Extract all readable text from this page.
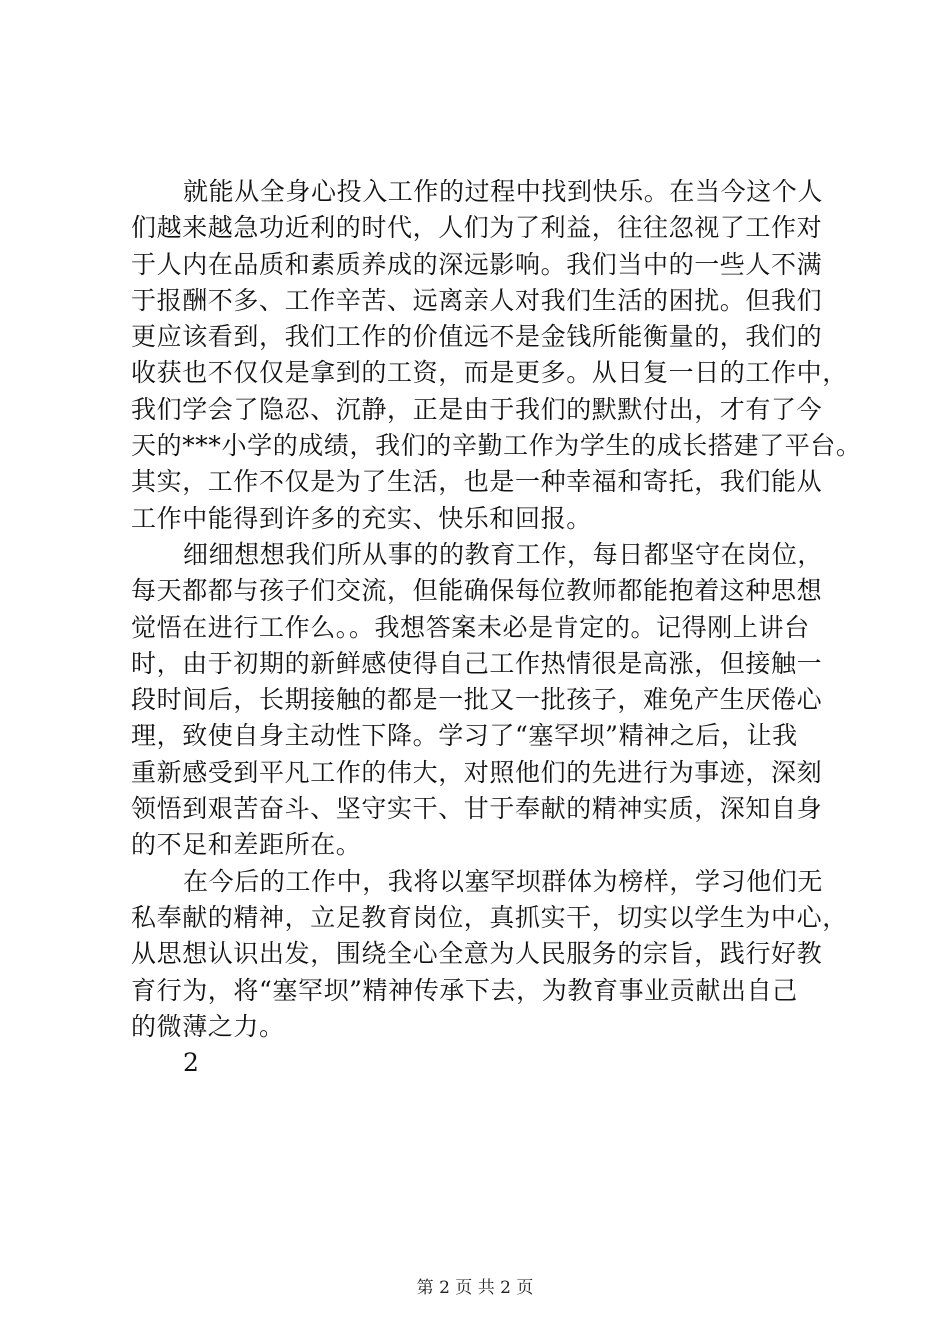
就能从全身心投入工作的过程中找到快乐。在当今这个人
们越来越急功近利的时代，人们为了利益，往往忽视了工作对
于人内在品质和素质养成的深远影响。我们当中的一些人不满
于报酬不多、工作辛苦、远离亲人对我们生活的困扰。但我们
更应该看到，我们工作的价值远不是金钱所能衡量的，我们的
收获也不仅仅是拿到的工资，而是更多。从日复一日的工作中，
我们学会了隐忍、沉静，正是由于我们的默默付出，才有了今
天的***小学的成绩，我们的辛勤工作为学生的成长搭建了平台。
其实，工作不仅是为了生活，也是一种幸福和寄托，我们能从
工作中能得到许多的充实、快乐和回报。
细细想想我们所从事的的教育工作，每日都坚守在岗位，
每天都都与孩子们交流，但能确保每位教师都能抱着这种思想
觉悟在进行工作么。。我想答案未必是肯定的。记得刚上讲台
时，由于初期的新鲜感使得自己工作热情很是高涨，但接触一
段时间后，长期接触的都是一批又一批孩子，难免产生厌倦心
理，致使自身主动性下降。学习了“塞罕坝”精神之后，让我
重新感受到平凡工作的伟大，对照他们的先进行为事迹，深刻
领悟到艰苦奋斗、坚守实干、甘于奉献的精神实质，深知自身
的不足和差距所在。
在今后的工作中，我将以塞罕坝群体为榜样，学习他们无
私奉献的精神，立足教育岗位，真抓实干，切实以学生为中心，
从思想认识出发，围绕全心全意为人民服务的宗旨，践行好教
育行为，将“塞罕坝”精神传承下去，为教育事业贡献出自己
的微薄之力。
2
第 2 页 共 2 页
